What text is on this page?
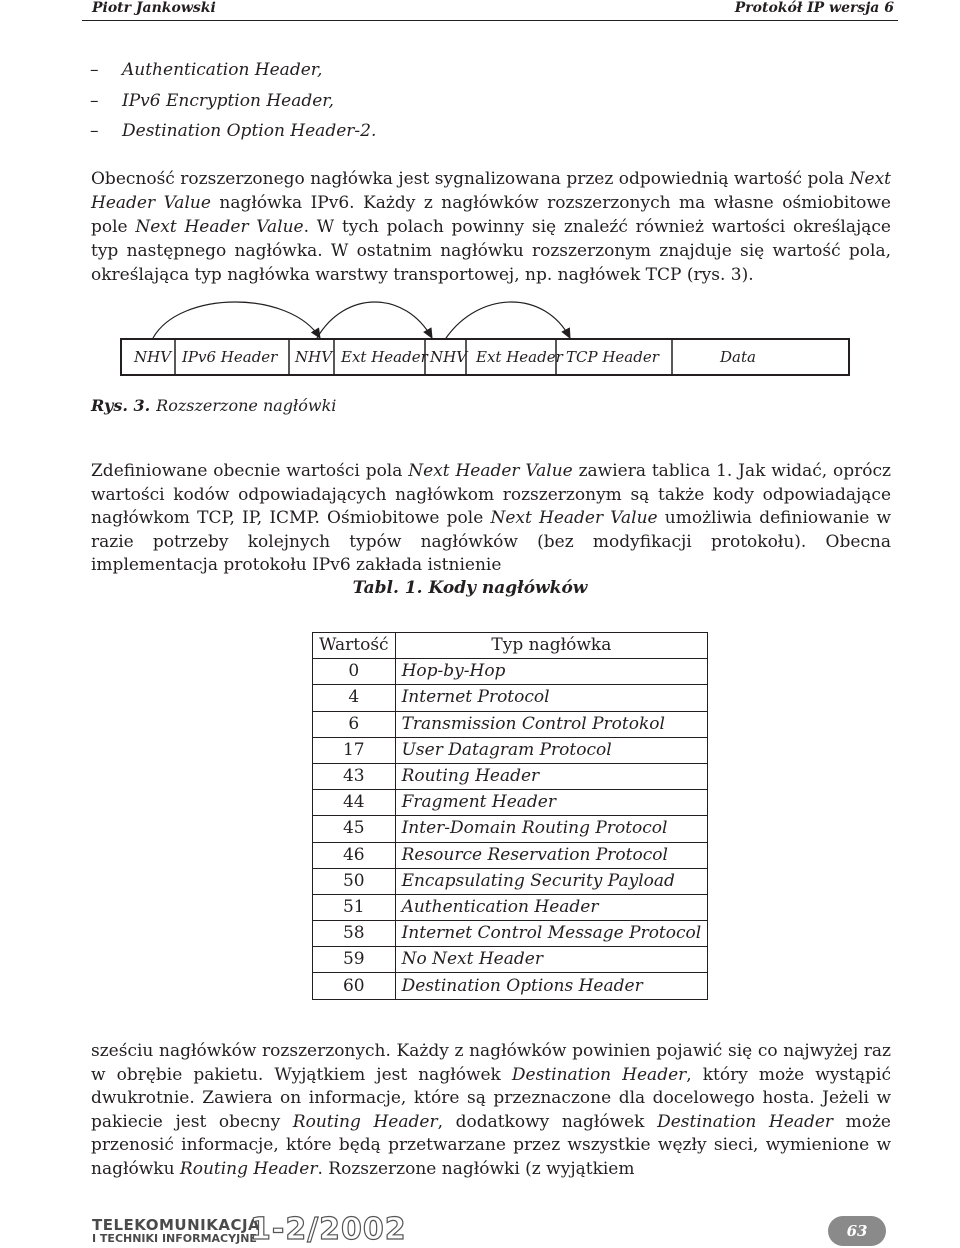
Piotr Jankowski	Protokół IP wersja 6
– Authentication Header,
– IPv6 Encryption Header,
– Destination Option Header-2.

Obecność rozszerzonego nagłówka jest sygnalizowana przez odpowiednią wartość pola Next Header Value nagłówka IPv6. Każdy z nagłówków rozszerzonych ma własne ośmiobitowe pole Next Header Value. W tych polach powinny się znaleźć również wartości określające typ następnego nagłówka. W ostatnim nagłówku rozszerzonym znajduje się wartość pola, określająca typ nagłówka warstwy transportowej, np. nagłówek TCP (rys. 3).

NHV IPv6 Header NHV Ext Header NHV Ext Header TCP Header	Data
Rys. 3. Rozszerzone nagłówki

Zdefiniowane obecnie wartości pola Next Header Value zawiera tablica 1. Jak widać, oprócz wartości kodów odpowiadających nagłówkom rozszerzonym są także kody odpowiadające nagłówkom TCP, IP, ICMP. Ośmiobitowe pole Next Header Value umożliwia definiowanie w razie potrzeby kolejnych typów nagłówków (bez modyfikacji protokołu). Obecna implementacja protokołu IPv6 zakłada istnienie

Tabl. 1. Kody nagłówków
Wartość	Typ nagłówka
0	Hop-by-Hop
4	Internet Protocol
6	Transmission Control Protokol
17	User Datagram Protocol
43	Routing Header
44	Fragment Header
45	Inter-Domain Routing Protocol
46	Resource Reservation Protocol
50	Encapsulating Security Payload
51	Authentication Header
58	Internet Control Message Protocol
59	No Next Header
60	Destination Options Header

sześciu nagłówków rozszerzonych. Każdy z nagłówków powinien pojawić się co najwyżej raz w obrębie pakietu. Wyjątkiem jest nagłówek Destination Header, który może wystąpić dwukrotnie. Zawiera on informacje, które są przeznaczone dla docelowego hosta. Jeżeli w pakiecie jest obecny Routing Header, dodatkowy nagłówek Destination Header może przenosić informacje, które będą przetwarzane przez wszystkie węzły sieci, wymienione w nagłówku Routing Header. Rozszerzone nagłówki (z wyjątkiem

TELEKOMUNIKACJA
I TECHNIKI INFORMACYJNE
1-2/2002	63
